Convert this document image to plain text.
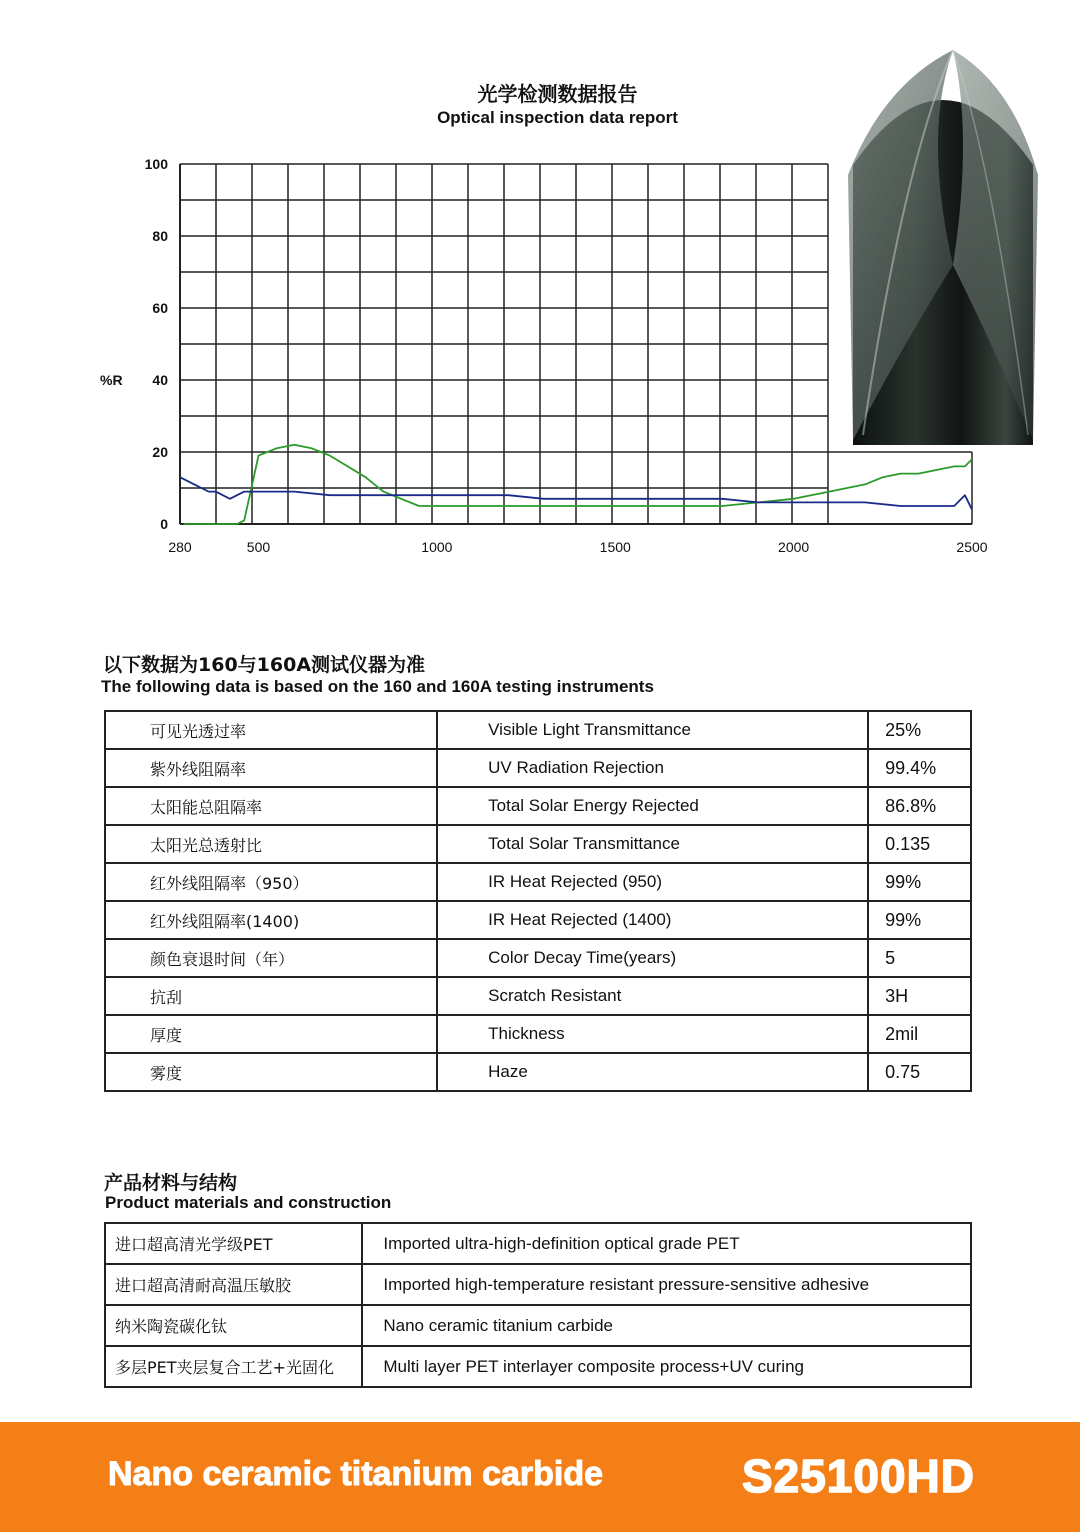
光学检测数据报告
Optical inspection data report
0
20
40
60
80
100
280	500	1000	1500	2000	2500
%R
以下数据为160与160A测试仪器为准
The following data is based on the 160 and 160A testing instruments
可见光透过率	Visible Light Transmittance	25%
紫外线阻隔率	UV Radiation Rejection	99.4%
太阳能总阻隔率	Total Solar Energy Rejected	86.8%
太阳光总透射比	Total Solar Transmittance	0.135
红外线阻隔率（950）	IR Heat Rejected (950)	99%
红外线阻隔率(1400)	IR Heat Rejected (1400)	99%
颜色衰退时间（年）	Color Decay Time(years)	5
抗刮	Scratch Resistant	3H
厚度	Thickness	2mil
雾度	Haze	0.75
产品材料与结构
Product materials and construction
进口超高清光学级PET	Imported ultra-high-definition optical grade PET
进口超高清耐高温压敏胶	Imported high-temperature resistant pressure-sensitive adhesive
纳米陶瓷碳化钛	Nano ceramic titanium carbide
多层PET夹层复合工艺+光固化	Multi layer PET interlayer composite process+UV curing
Nano ceramic titanium carbide	S25100HD
